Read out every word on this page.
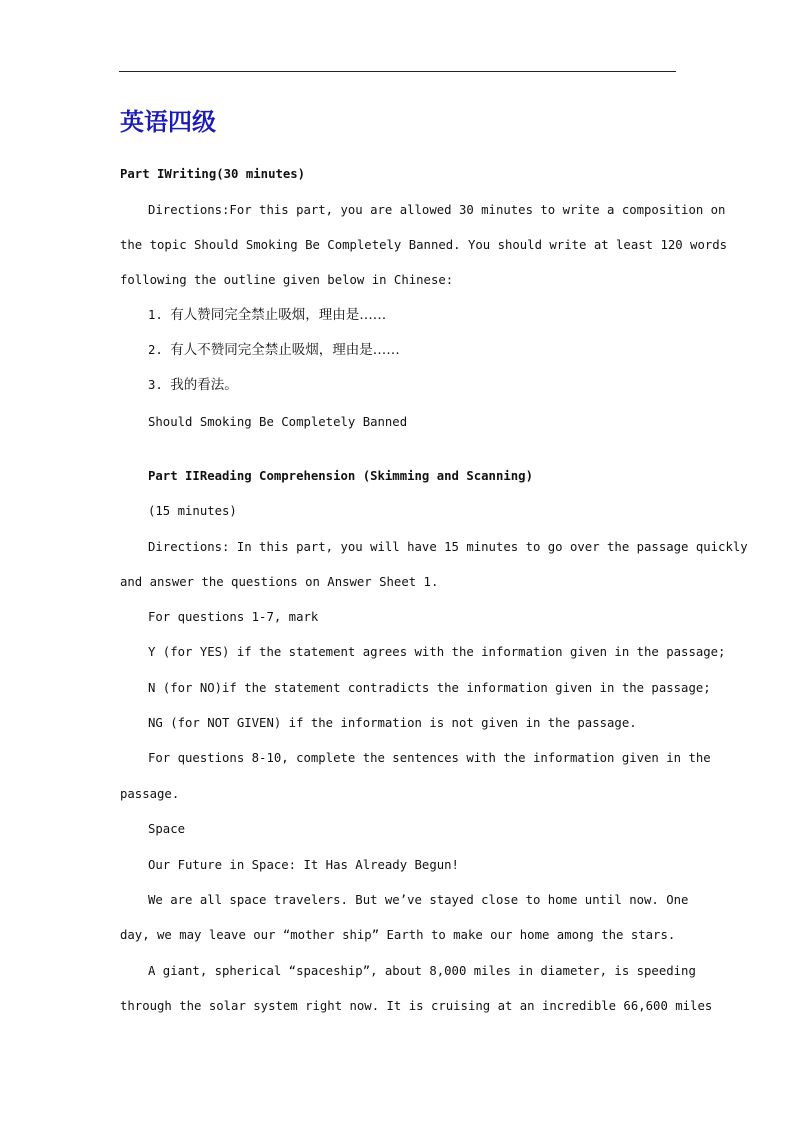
英语四级

Part IWriting(30 minutes)

Directions:For this part, you are allowed 30 minutes to write a composition on

the topic Should Smoking Be Completely Banned. You should write at least 120 words

following the outline given below in Chinese:

1. 有人赞同完全禁止吸烟，理由是……

2. 有人不赞同完全禁止吸烟，理由是……

3. 我的看法。

Should Smoking Be Completely Banned

Part IIReading Comprehension (Skimming and Scanning)

(15 minutes)

Directions: In this part, you will have 15 minutes to go over the passage quickly

and answer the questions on Answer Sheet 1.

For questions 1-7, mark

Y (for YES) if the statement agrees with the information given in the passage;

N (for NO)if the statement contradicts the information given in the passage;

NG (for NOT GIVEN) if the information is not given in the passage.

For questions 8-10, complete the sentences with the information given in the

passage.

Space

Our Future in Space: It Has Already Begun!

We are all space travelers. But we’ve stayed close to home until now. One

day, we may leave our “mother ship” Earth to make our home among the stars.

A giant, spherical “spaceship”, about 8,000 miles in diameter, is speeding

through the solar system right now. It is cruising at an incredible 66,600 miles
